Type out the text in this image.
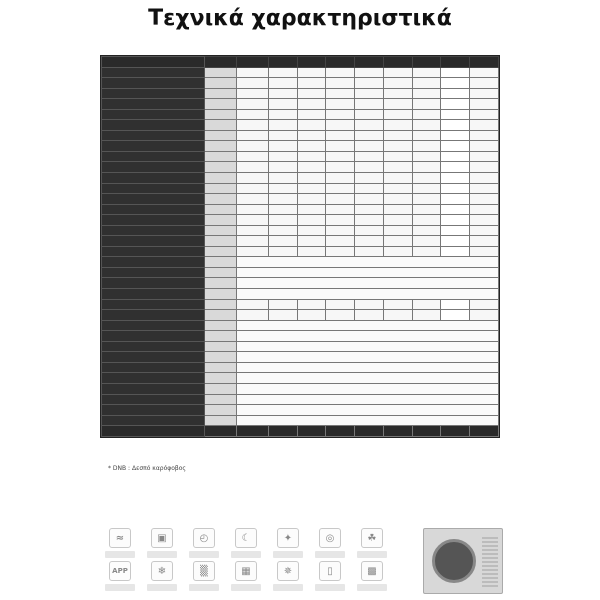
Τεχνικά χαρακτηριστικά

* DNB : Δεσπό καρόφοβος
≈	▣	◴	☾	✦	◎	☘
APP	❄	▒	▦	✵	▯	▩
